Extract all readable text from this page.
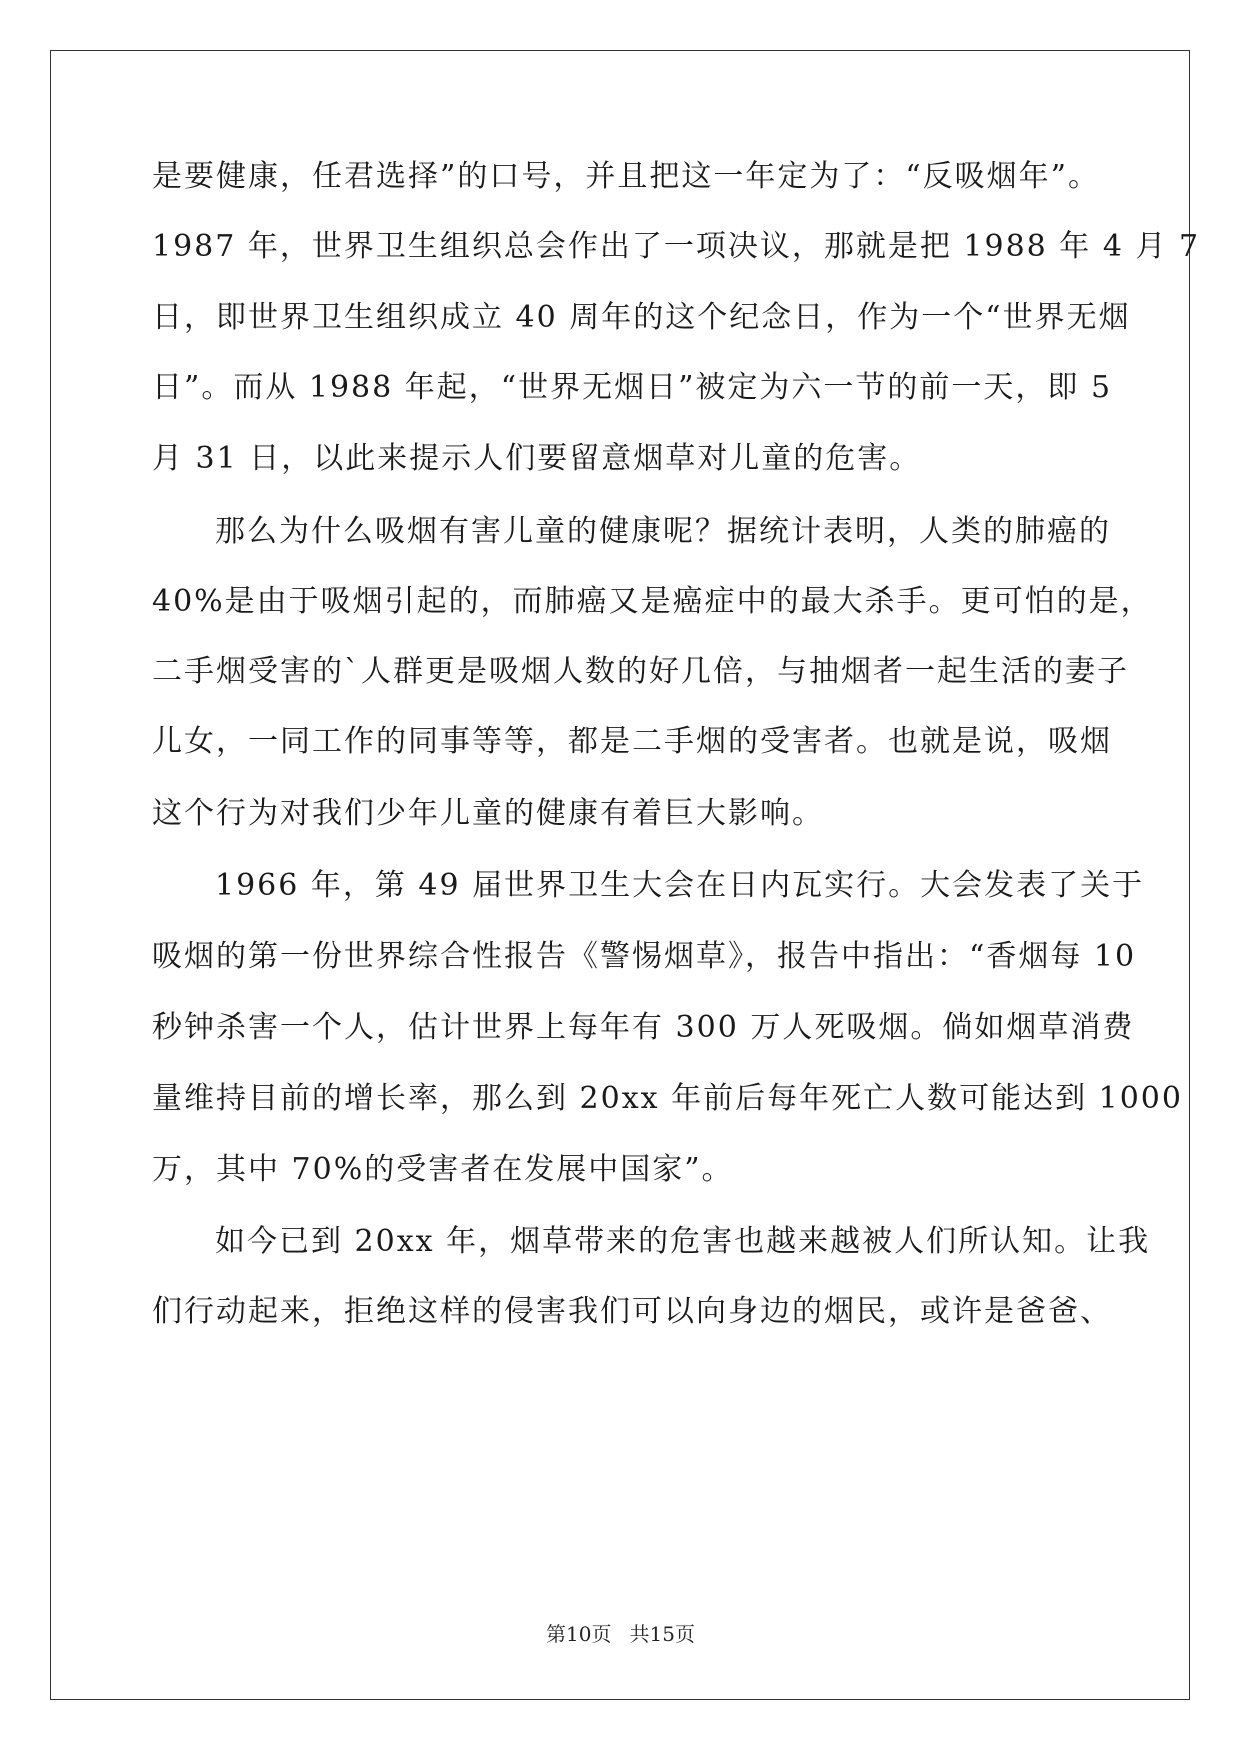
是要健康，任君选择”的口号，并且把这一年定为了：“反吸烟年”。
1987 年，世界卫生组织总会作出了一项决议，那就是把 1988 年 4 月 7
日，即世界卫生组织成立 40 周年的这个纪念日，作为一个“世界无烟
日”。而从 1988 年起，“世界无烟日”被定为六一节的前一天，即 5
月 31 日，以此来提示人们要留意烟草对儿童的危害。
那么为什么吸烟有害儿童的健康呢？据统计表明，人类的肺癌的
40%是由于吸烟引起的，而肺癌又是癌症中的最大杀手。更可怕的是，
二手烟受害的`人群更是吸烟人数的好几倍，与抽烟者一起生活的妻子
儿女，一同工作的同事等等，都是二手烟的受害者。也就是说，吸烟
这个行为对我们少年儿童的健康有着巨大影响。
1966 年，第 49 届世界卫生大会在日内瓦实行。大会发表了关于
吸烟的第一份世界综合性报告《警惕烟草》，报告中指出：“香烟每 10
秒钟杀害一个人，估计世界上每年有 300 万人死吸烟。倘如烟草消费
量维持目前的增长率，那么到 20xx 年前后每年死亡人数可能达到 1000
万，其中 70%的受害者在发展中国家”。
如今已到 20xx 年，烟草带来的危害也越来越被人们所认知。让我
们行动起来，拒绝这样的侵害我们可以向身边的烟民，或许是爸爸、
第10页 共15页
